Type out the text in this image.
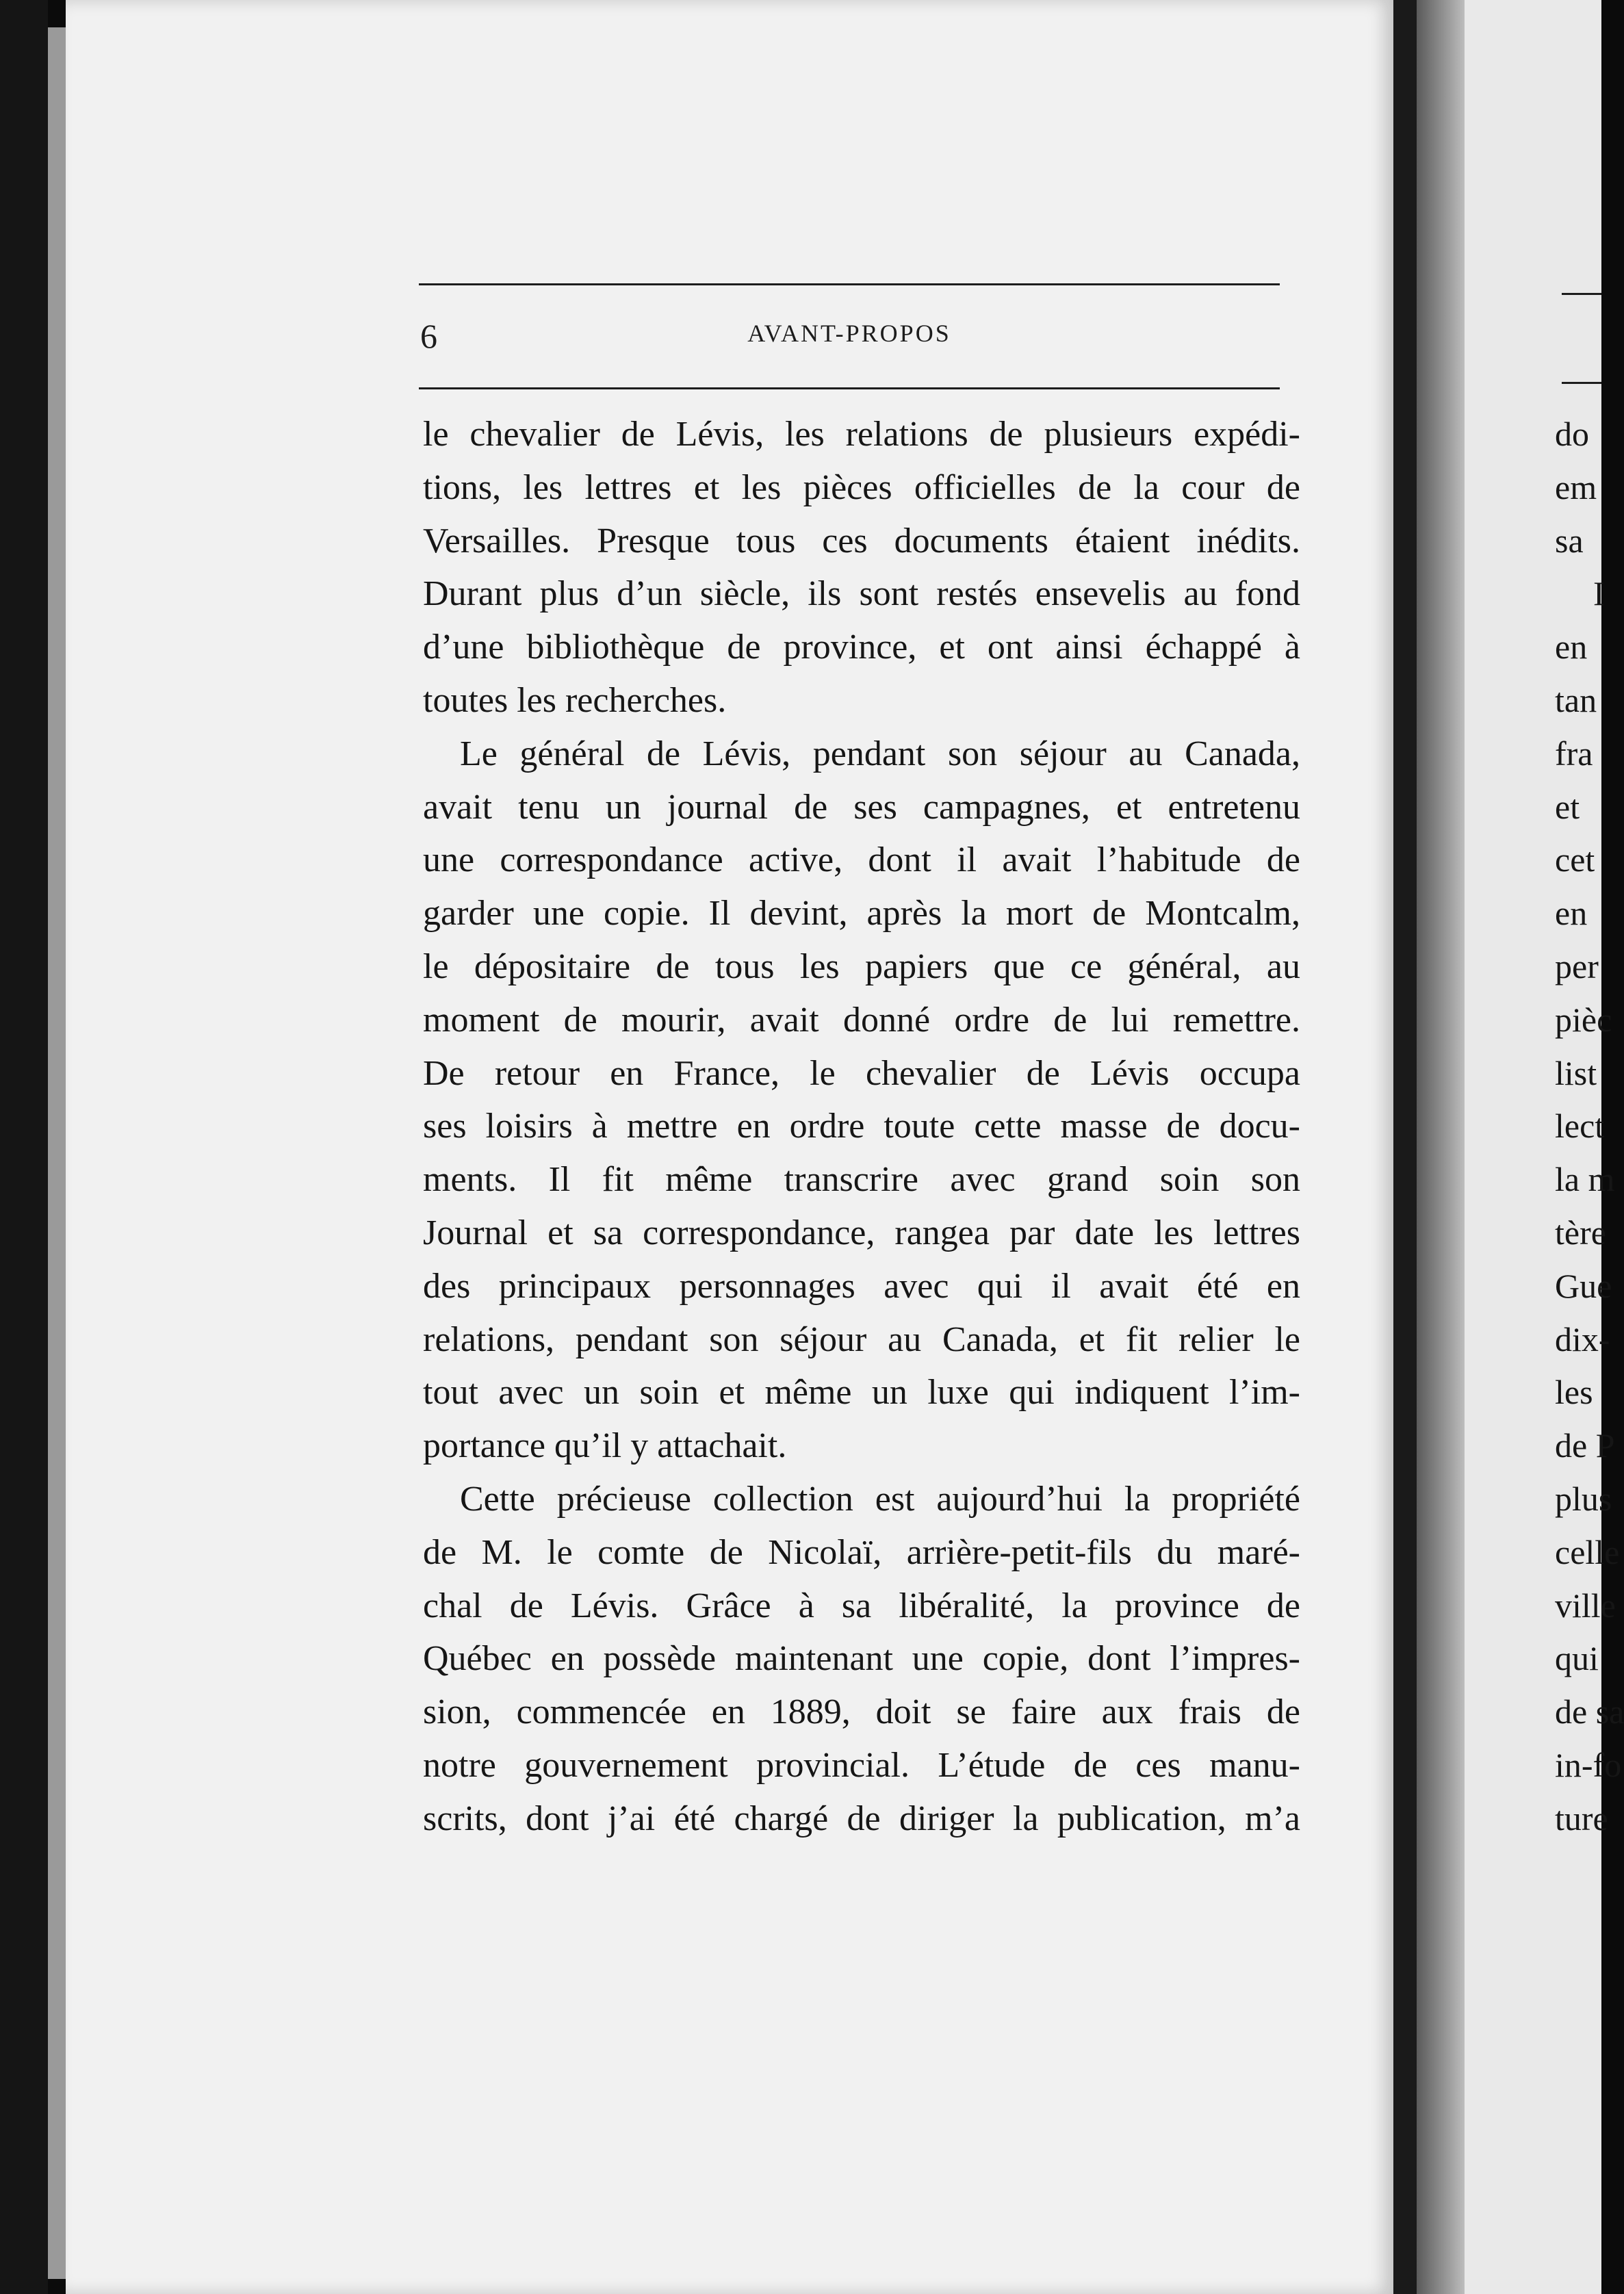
6	AVANT-PROPOS
le chevalier de Lévis, les relations de plusieurs expédi-
tions, les lettres et les pièces officielles de la cour de
Versailles. Presque tous ces documents étaient inédits.
Durant plus d’un siècle, ils sont restés ensevelis au fond
d’une bibliothèque de province, et ont ainsi échappé à
toutes les recherches.
Le général de Lévis, pendant son séjour au Canada,
avait tenu un journal de ses campagnes, et entretenu
une correspondance active, dont il avait l’habitude de
garder une copie. Il devint, après la mort de Montcalm,
le dépositaire de tous les papiers que ce général, au
moment de mourir, avait donné ordre de lui remettre.
De retour en France, le chevalier de Lévis occupa
ses loisirs à mettre en ordre toute cette masse de docu-
ments. Il fit même transcrire avec grand soin son
Journal et sa correspondance, rangea par date les lettres
des principaux personnages avec qui il avait été en
relations, pendant son séjour au Canada, et fit relier le
tout avec un soin et même un luxe qui indiquent l’im-
portance qu’il y attachait.
Cette précieuse collection est aujourd’hui la propriété
de M. le comte de Nicolaï, arrière-petit-fils du maré-
chal de Lévis. Grâce à sa libéralité, la province de
Québec en possède maintenant une copie, dont l’impres-
sion, commencée en 1889, doit se faire aux frais de
notre gouvernement provincial. L’étude de ces manu-
scrits, dont j’ai été chargé de diriger la publication, m’a
do
em
sa
I
en
tan
fra
et
cet
en
per
pièc
list
lect
la m
tère
Gue
dix-
les
de P
plus
celle
ville
qui
de sa
in-fo
ture
